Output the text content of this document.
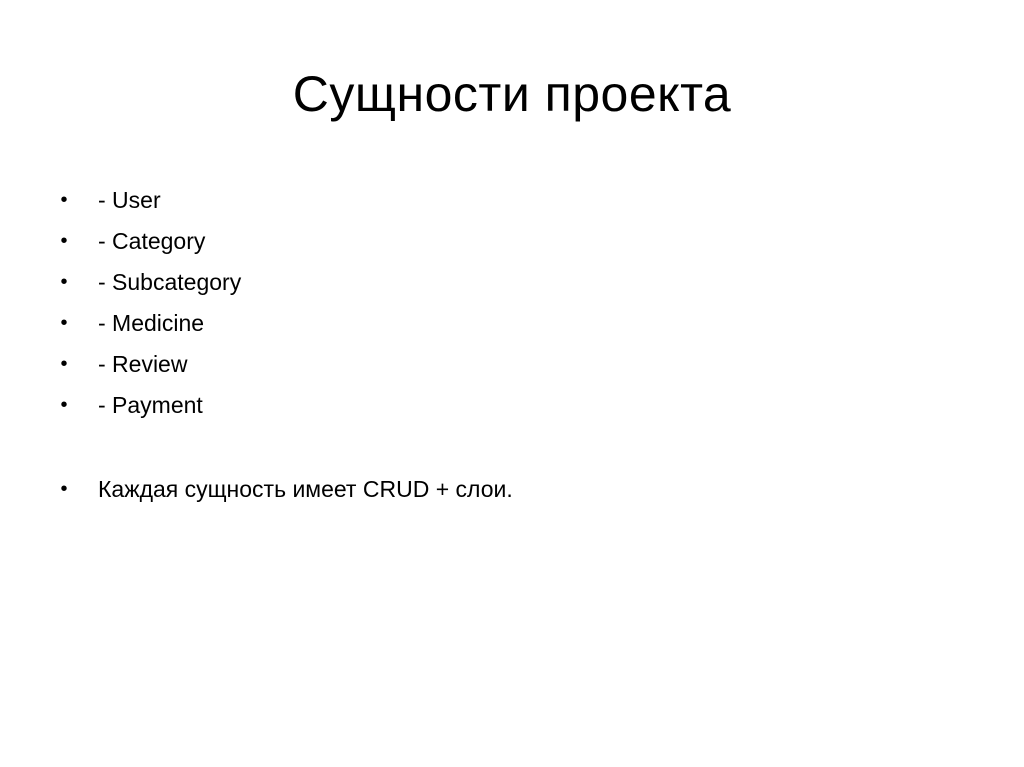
Сущности проекта
• - User
• - Category
• - Subcategory
• - Medicine
• - Review
• - Payment
• Каждая сущность имеет CRUD + слои.
